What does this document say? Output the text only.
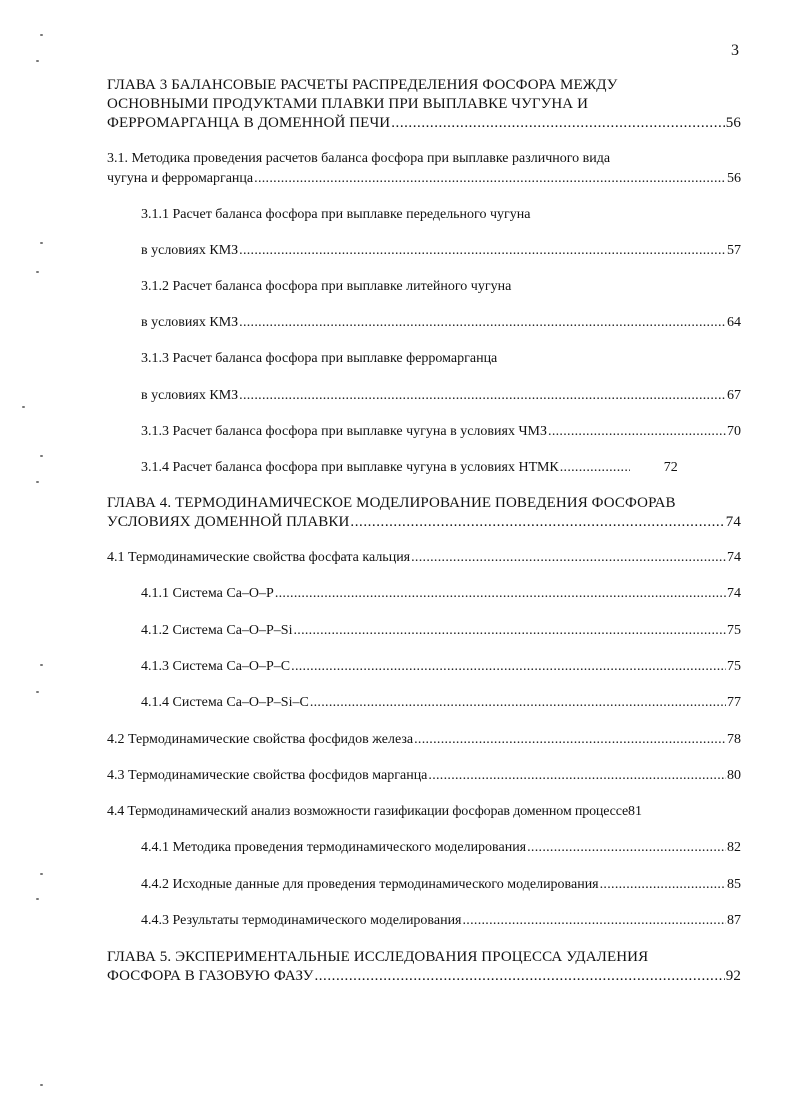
3
ГЛАВА 3 БАЛАНСОВЫЕ РАСЧЕТЫ РАСПРЕДЕЛЕНИЯ ФОСФОРА МЕЖДУ
ОСНОВНЫМИ ПРОДУКТАМИ ПЛАВКИ ПРИ ВЫПЛАВКЕ ЧУГУНА И
ФЕРРОМАРГАНЦА В ДОМЕННОЙ ПЕЧИ . . .	56
3.1. Методика проведения расчетов баланса фосфора при выплавке различного вида
чугуна и ферромарганца . . .	56
3.1.1 Расчет баланса фосфора при выплавке передельного чугуна
в условиях КМЗ . . .	57
3.1.2 Расчет баланса фосфора при выплавке литейного чугуна
в условиях КМЗ . . .	64
3.1.3 Расчет баланса фосфора при выплавке ферромарганца
в условиях КМЗ . . .	67
3.1.3 Расчет баланса фосфора при выплавке чугуна в условиях ЧМЗ . . .	70
3.1.4 Расчет баланса фосфора при выплавке чугуна в условиях НТМК . . .	72
ГЛАВА 4. ТЕРМОДИНАМИЧЕСКОЕ МОДЕЛИРОВАНИЕ ПОВЕДЕНИЯ ФОСФОРАВ
УСЛОВИЯХ ДОМЕННОЙ ПЛАВКИ . . .	74
4.1 Термодинамические свойства фосфата кальция . . .	74
4.1.1 Система Ca–O–P . . .	74
4.1.2 Система Ca–O–P–Si . . .	75
4.1.3 Система Ca–O–P–C . . .	75
4.1.4 Система Ca–O–P–Si–C . . .	77
4.2 Термодинамические свойства фосфидов железа . . .	78
4.3 Термодинамические свойства фосфидов марганца . . .	80
4.4 Термодинамический анализ возможности газификации фосфорав доменном процессе 81
4.4.1 Методика проведения термодинамического моделирования . . .	82
4.4.2 Исходные данные для проведения термодинамического моделирования . . .	85
4.4.3 Результаты термодинамического моделирования . . .	87
ГЛАВА 5. ЭКСПЕРИМЕНТАЛЬНЫЕ ИССЛЕДОВАНИЯ ПРОЦЕССА УДАЛЕНИЯ
ФОСФОРА В ГАЗОВУЮ ФАЗУ . . .	92
